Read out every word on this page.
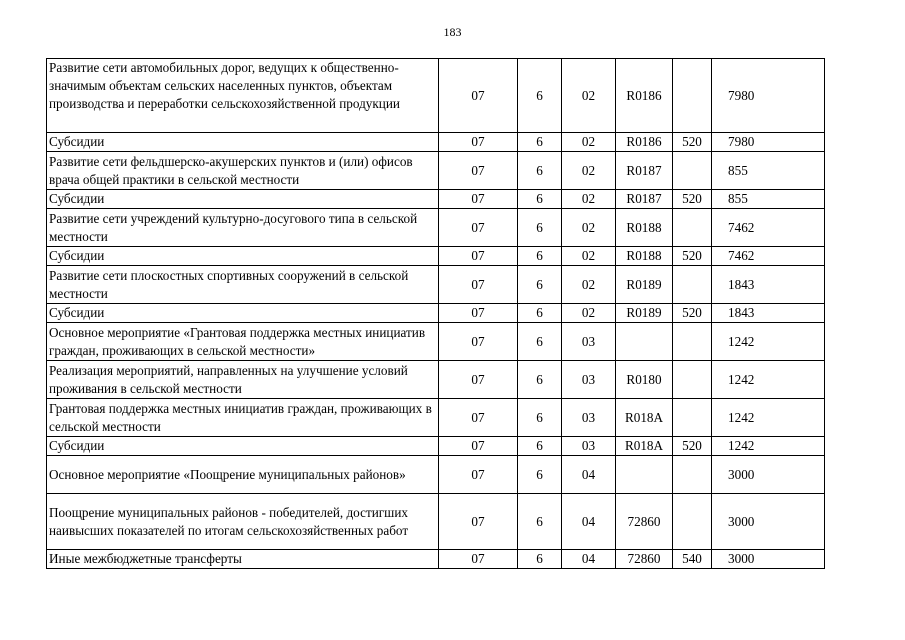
183
Развитие сети автомобильных дорог, ведущих к общественно-значимым объектам сельских населенных пунктов, объектам производства и переработки сельскохозяйственной продукции	07	6	02	R0186		7980
Субсидии	07	6	02	R0186	520	7980
Развитие сети фельдшерско-акушерских пунктов и (или) офисов врача общей практики в сельской местности	07	6	02	R0187		855
Субсидии	07	6	02	R0187	520	855
Развитие сети учреждений культурно-досугового типа в сельской местности	07	6	02	R0188		7462
Субсидии	07	6	02	R0188	520	7462
Развитие сети плоскостных спортивных сооружений в сельской местности	07	6	02	R0189		1843
Субсидии	07	6	02	R0189	520	1843
Основное мероприятие «Грантовая поддержка местных инициатив граждан, проживающих в сельской местности»	07	6	03			1242
Реализация мероприятий, направленных на улучшение условий проживания в сельской местности	07	6	03	R0180		1242
Грантовая поддержка местных инициатив граждан, проживающих в сельской местности	07	6	03	R018А		1242
Субсидии	07	6	03	R018А	520	1242
Основное мероприятие «Поощрение муниципальных районов»	07	6	04			3000
Поощрение муниципальных районов - победителей, достигших наивысших показателей по итогам сельскохозяйственных работ	07	6	04	72860		3000
Иные межбюджетные трансферты	07	6	04	72860	540	3000
